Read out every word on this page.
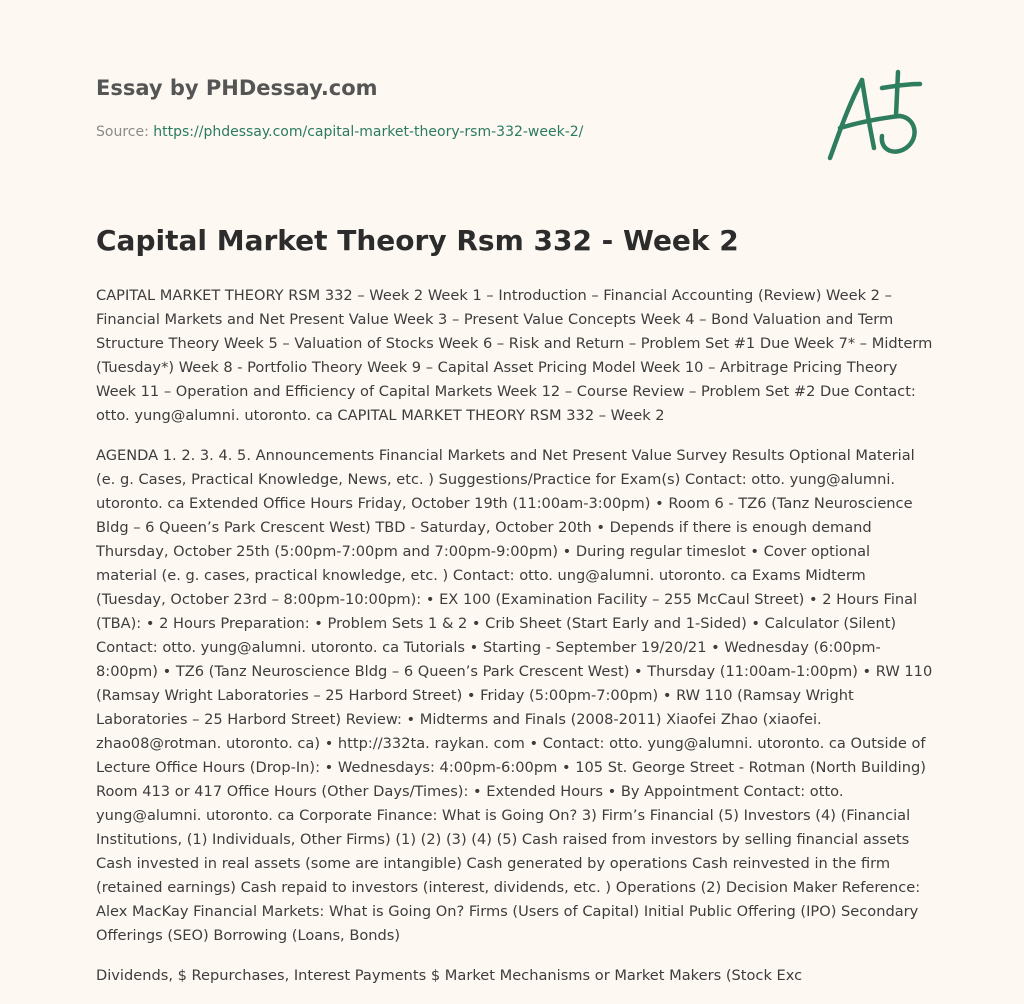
Essay by PHDessay.com
Source: https://phdessay.com/capital-market-theory-rsm-332-week-2/
Capital Market Theory Rsm 332 - Week 2

CAPITAL MARKET THEORY RSM 332 – Week 2 Week 1 – Introduction – Financial Accounting (Review) Week 2 – Financial Markets and Net Present Value Week 3 – Present Value Concepts Week 4 – Bond Valuation and Term Structure Theory Week 5 – Valuation of Stocks Week 6 – Risk and Return – Problem Set #1 Due Week 7* – Midterm (Tuesday*) Week 8 - Portfolio Theory Week 9 – Capital Asset Pricing Model Week 10 – Arbitrage Pricing Theory Week 11 – Operation and Efficiency of Capital Markets Week 12 – Course Review – Problem Set #2 Due Contact: otto. yung@alumni. utoronto. ca CAPITAL MARKET THEORY RSM 332 – Week 2

AGENDA 1. 2. 3. 4. 5. Announcements Financial Markets and Net Present Value Survey Results Optional Material (e. g. Cases, Practical Knowledge, News, etc. ) Suggestions/Practice for Exam(s) Contact: otto. yung@alumni. utoronto. ca Extended Office Hours Friday, October 19th (11:00am-3:00pm) • Room 6 - TZ6 (Tanz Neuroscience Bldg – 6 Queen’s Park Crescent West) TBD - Saturday, October 20th • Depends if there is enough demand Thursday, October 25th (5:00pm-7:00pm and 7:00pm-9:00pm) • During regular timeslot • Cover optional material (e. g. cases, practical knowledge, etc. ) Contact: otto. ung@alumni. utoronto. ca Exams Midterm (Tuesday, October 23rd – 8:00pm-10:00pm): • EX 100 (Examination Facility – 255 McCaul Street) • 2 Hours Final (TBA): • 2 Hours Preparation: • Problem Sets 1 & 2 • Crib Sheet (Start Early and 1-Sided) • Calculator (Silent) Contact: otto. yung@alumni. utoronto. ca Tutorials • Starting - September 19/20/21 • Wednesday (6:00pm-8:00pm) • TZ6 (Tanz Neuroscience Bldg – 6 Queen’s Park Crescent West) • Thursday (11:00am-1:00pm) • RW 110 (Ramsay Wright Laboratories – 25 Harbord Street) • Friday (5:00pm-7:00pm) • RW 110 (Ramsay Wright Laboratories – 25 Harbord Street) Review: • Midterms and Finals (2008-2011) Xiaofei Zhao (xiaofei. zhao08@rotman. utoronto. ca) • http://332ta. raykan. com • Contact: otto. yung@alumni. utoronto. ca Outside of Lecture Office Hours (Drop-In): • Wednesdays: 4:00pm-6:00pm • 105 St. George Street - Rotman (North Building) Room 413 or 417 Office Hours (Other Days/Times): • Extended Hours • By Appointment Contact: otto. yung@alumni. utoronto. ca Corporate Finance: What is Going On? 3) Firm’s Financial (5) Investors (4) (Financial Institutions, (1) Individuals, Other Firms) (1) (2) (3) (4) (5) Cash raised from investors by selling financial assets Cash invested in real assets (some are intangible) Cash generated by operations Cash reinvested in the firm (retained earnings) Cash repaid to investors (interest, dividends, etc. ) Operations (2) Decision Maker Reference: Alex MacKay Financial Markets: What is Going On? Firms (Users of Capital) Initial Public Offering (IPO) Secondary Offerings (SEO) Borrowing (Loans, Bonds)

Dividends, $ Repurchases, Interest Payments $ Market Mechanisms or Market Makers (Stock Exc
